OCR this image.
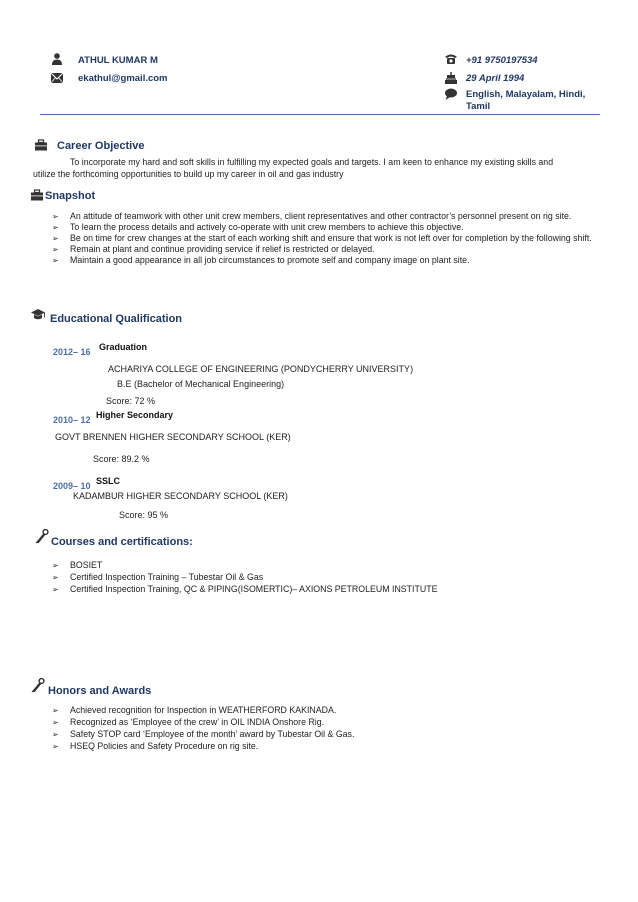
ATHUL KUMAR M
ekathul@gmail.com
+91 9750197534
29 April 1994
English, Malayalam, Hindi,
Tamil
Career Objective
To incorporate my hard and soft skills in fulfilling my expected goals and targets. I am keen to enhance my existing skills and
utilize the forthcoming opportunities to build up my career in oil and gas industry
Snapshot
➢ An attitude of teamwork with other unit crew members, client representatives and other contractor’s personnel present on rig site.
➢ To learn the process details and actively co-operate with unit crew members to achieve this objective.
➢ Be on time for crew changes at the start of each working shift and ensure that work is not left over for completion by the following shift.
➢ Remain at plant and continue providing service if relief is restricted or delayed.
➢ Maintain a good appearance in all job circumstances to promote self and company image on plant site.
Educational Qualification
2012– 16 Graduation
ACHARIYA COLLEGE OF ENGINEERING (PONDYCHERRY UNIVERSITY)
B.E (Bachelor of Mechanical Engineering)
Score: 72 %
2010– 12 Higher Secondary
GOVT BRENNEN HIGHER SECONDARY SCHOOL (KER)
Score: 89.2 %
2009– 10 SSLC
KADAMBUR HIGHER SECONDARY SCHOOL (KER)
Score: 95 %
Courses and certifications:
➢ BOSIET
➢ Certified Inspection Training – Tubestar Oil & Gas
➢ Certified Inspection Training, QC & PIPING(ISOMERTIC)– AXIONS PETROLEUM INSTITUTE
Honors and Awards
➢ Achieved recognition for Inspection in WEATHERFORD KAKINADA.
➢ Recognized as ‘Employee of the crew’ in OIL INDIA Onshore Rig.
➢ Safety STOP card ‘Employee of the month’ award by Tubestar Oil & Gas.
➢ HSEQ Policies and Safety Procedure on rig site.
